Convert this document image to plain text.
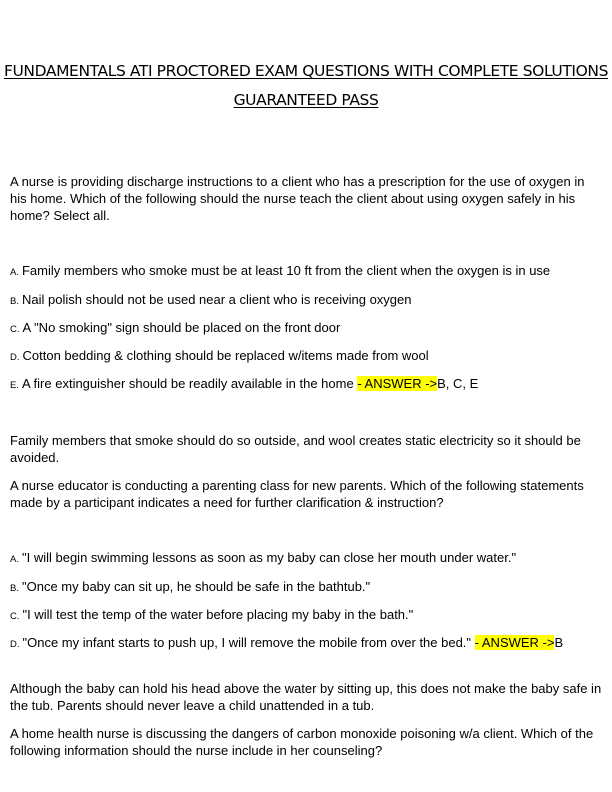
FUNDAMENTALS ATI PROCTORED EXAM QUESTIONS WITH COMPLETE SOLUTIONS GUARANTEED PASS
A nurse is providing discharge instructions to a client who has a prescription for the use of oxygen in his home. Which of the following should the nurse teach the client about using oxygen safely in his home? Select all.
A. Family members who smoke must be at least 10 ft from the client when the oxygen is in use
B. Nail polish should not be used near a client who is receiving oxygen
C. A "No smoking" sign should be placed on the front door
D. Cotton bedding & clothing should be replaced w/items made from wool
E. A fire extinguisher should be readily available in the home - ANSWER ->B, C, E
Family members that smoke should do so outside, and wool creates static electricity so it should be avoided.
A nurse educator is conducting a parenting class for new parents. Which of the following statements made by a participant indicates a need for further clarification & instruction?
A. "I will begin swimming lessons as soon as my baby can close her mouth under water."
B. "Once my baby can sit up, he should be safe in the bathtub."
C. "I will test the temp of the water before placing my baby in the bath."
D. "Once my infant starts to push up, I will remove the mobile from over the bed." - ANSWER ->B
Although the baby can hold his head above the water by sitting up, this does not make the baby safe in the tub. Parents should never leave a child unattended in a tub.
A home health nurse is discussing the dangers of carbon monoxide poisoning w/a client. Which of the following information should the nurse include in her counseling?
